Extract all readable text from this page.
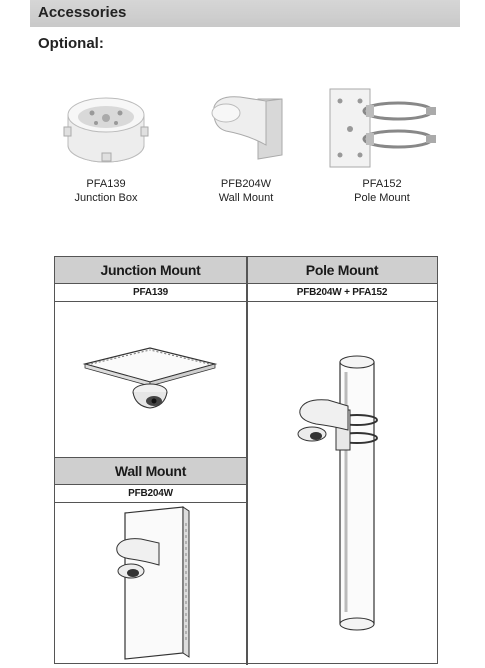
Accessories
Optional:
PFA139
Junction Box
PFB204W
Wall Mount
PFA152
Pole Mount
Junction Mount
PFA139
Wall Mount
PFB204W
Pole Mount
PFB204W + PFA152
